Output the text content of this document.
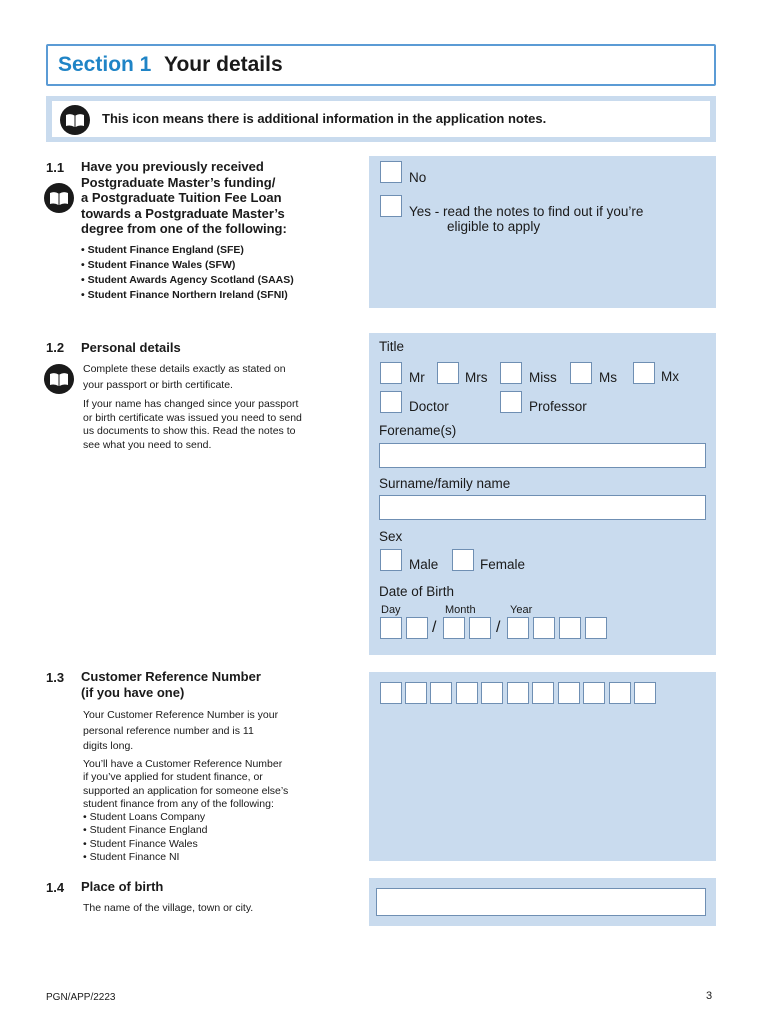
Section 1 Your details
This icon means there is additional information in the application notes.
1.1 Have you previously received
Postgraduate Master’s funding/
a Postgraduate Tuition Fee Loan
towards a Postgraduate Master’s
degree from one of the following:
• Student Finance England (SFE)
• Student Finance Wales (SFW)
• Student Awards Agency Scotland (SAAS)
• Student Finance Northern Ireland (SFNI)
No
Yes - read the notes to find out if you’re
eligible to apply
1.2 Personal details
Complete these details exactly as stated on
your passport or birth certificate.
If your name has changed since your passport
or birth certificate was issued you need to send
us documents to show this. Read the notes to
see what you need to send.
Title
Mr	Mrs	Miss	Ms	Mx
Doctor	Professor
Forename(s)
Surname/family name
Sex
Male	Female
Date of Birth
Day	Month	Year
/	/
1.3 Customer Reference Number
(if you have one)
Your Customer Reference Number is your
personal reference number and is 11
digits long.
You’ll have a Customer Reference Number
if you’ve applied for student finance, or
supported an application for someone else’s
student finance from any of the following:
• Student Loans Company
• Student Finance England
• Student Finance Wales
• Student Finance NI
1.4 Place of birth
The name of the village, town or city.
PGN/APP/2223	3
